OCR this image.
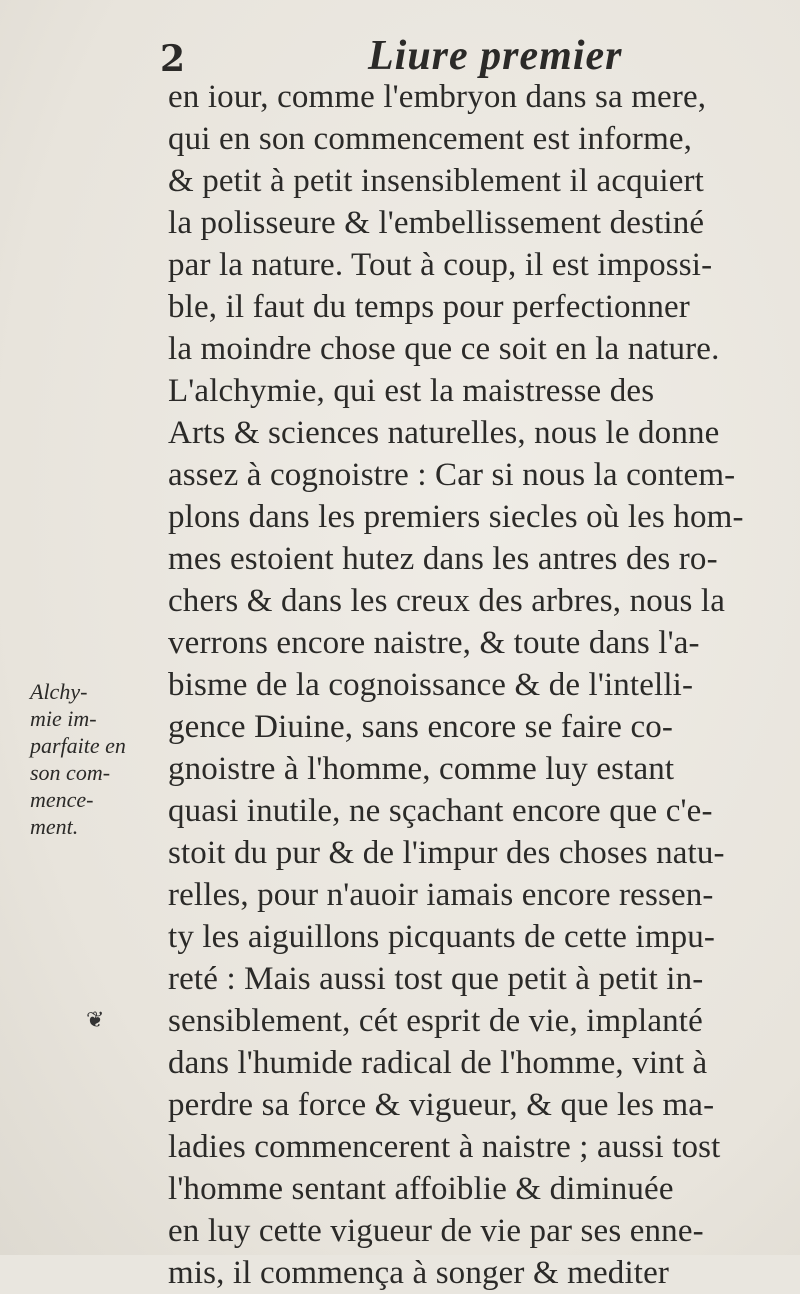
2	Liure premier
Alchy-
mie im-
parfaite en
son com-
mence-
ment.
❦
en iour, comme l'embryon dans sa mere,
qui en son commencement est informe,
& petit à petit insensiblement il acquiert
la polisseure & l'embellissement destiné
par la nature. Tout à coup, il est impossi-
ble, il faut du temps pour perfectionner
la moindre chose que ce soit en la nature.
L'alchymie, qui est la maistresse des
Arts & sciences naturelles, nous le donne
assez à cognoistre : Car si nous la contem-
plons dans les premiers siecles où les hom-
mes estoient hutez dans les antres des ro-
chers & dans les creux des arbres, nous la
verrons encore naistre, & toute dans l'a-
bisme de la cognoissance & de l'intelli-
gence Diuine, sans encore se faire co-
gnoistre à l'homme, comme luy estant
quasi inutile, ne sçachant encore que c'e-
stoit du pur & de l'impur des choses natu-
relles, pour n'auoir iamais encore ressen-
ty les aiguillons picquants de cette impu-
reté : Mais aussi tost que petit à petit in-
sensiblement, cét esprit de vie, implanté
dans l'humide radical de l'homme, vint à
perdre sa force & vigueur, & que les ma-
ladies commencerent à naistre ; aussi tost
l'homme sentant affoiblie & diminuée
en luy cette vigueur de vie par ses enne-
mis, il commença à songer & mediter
